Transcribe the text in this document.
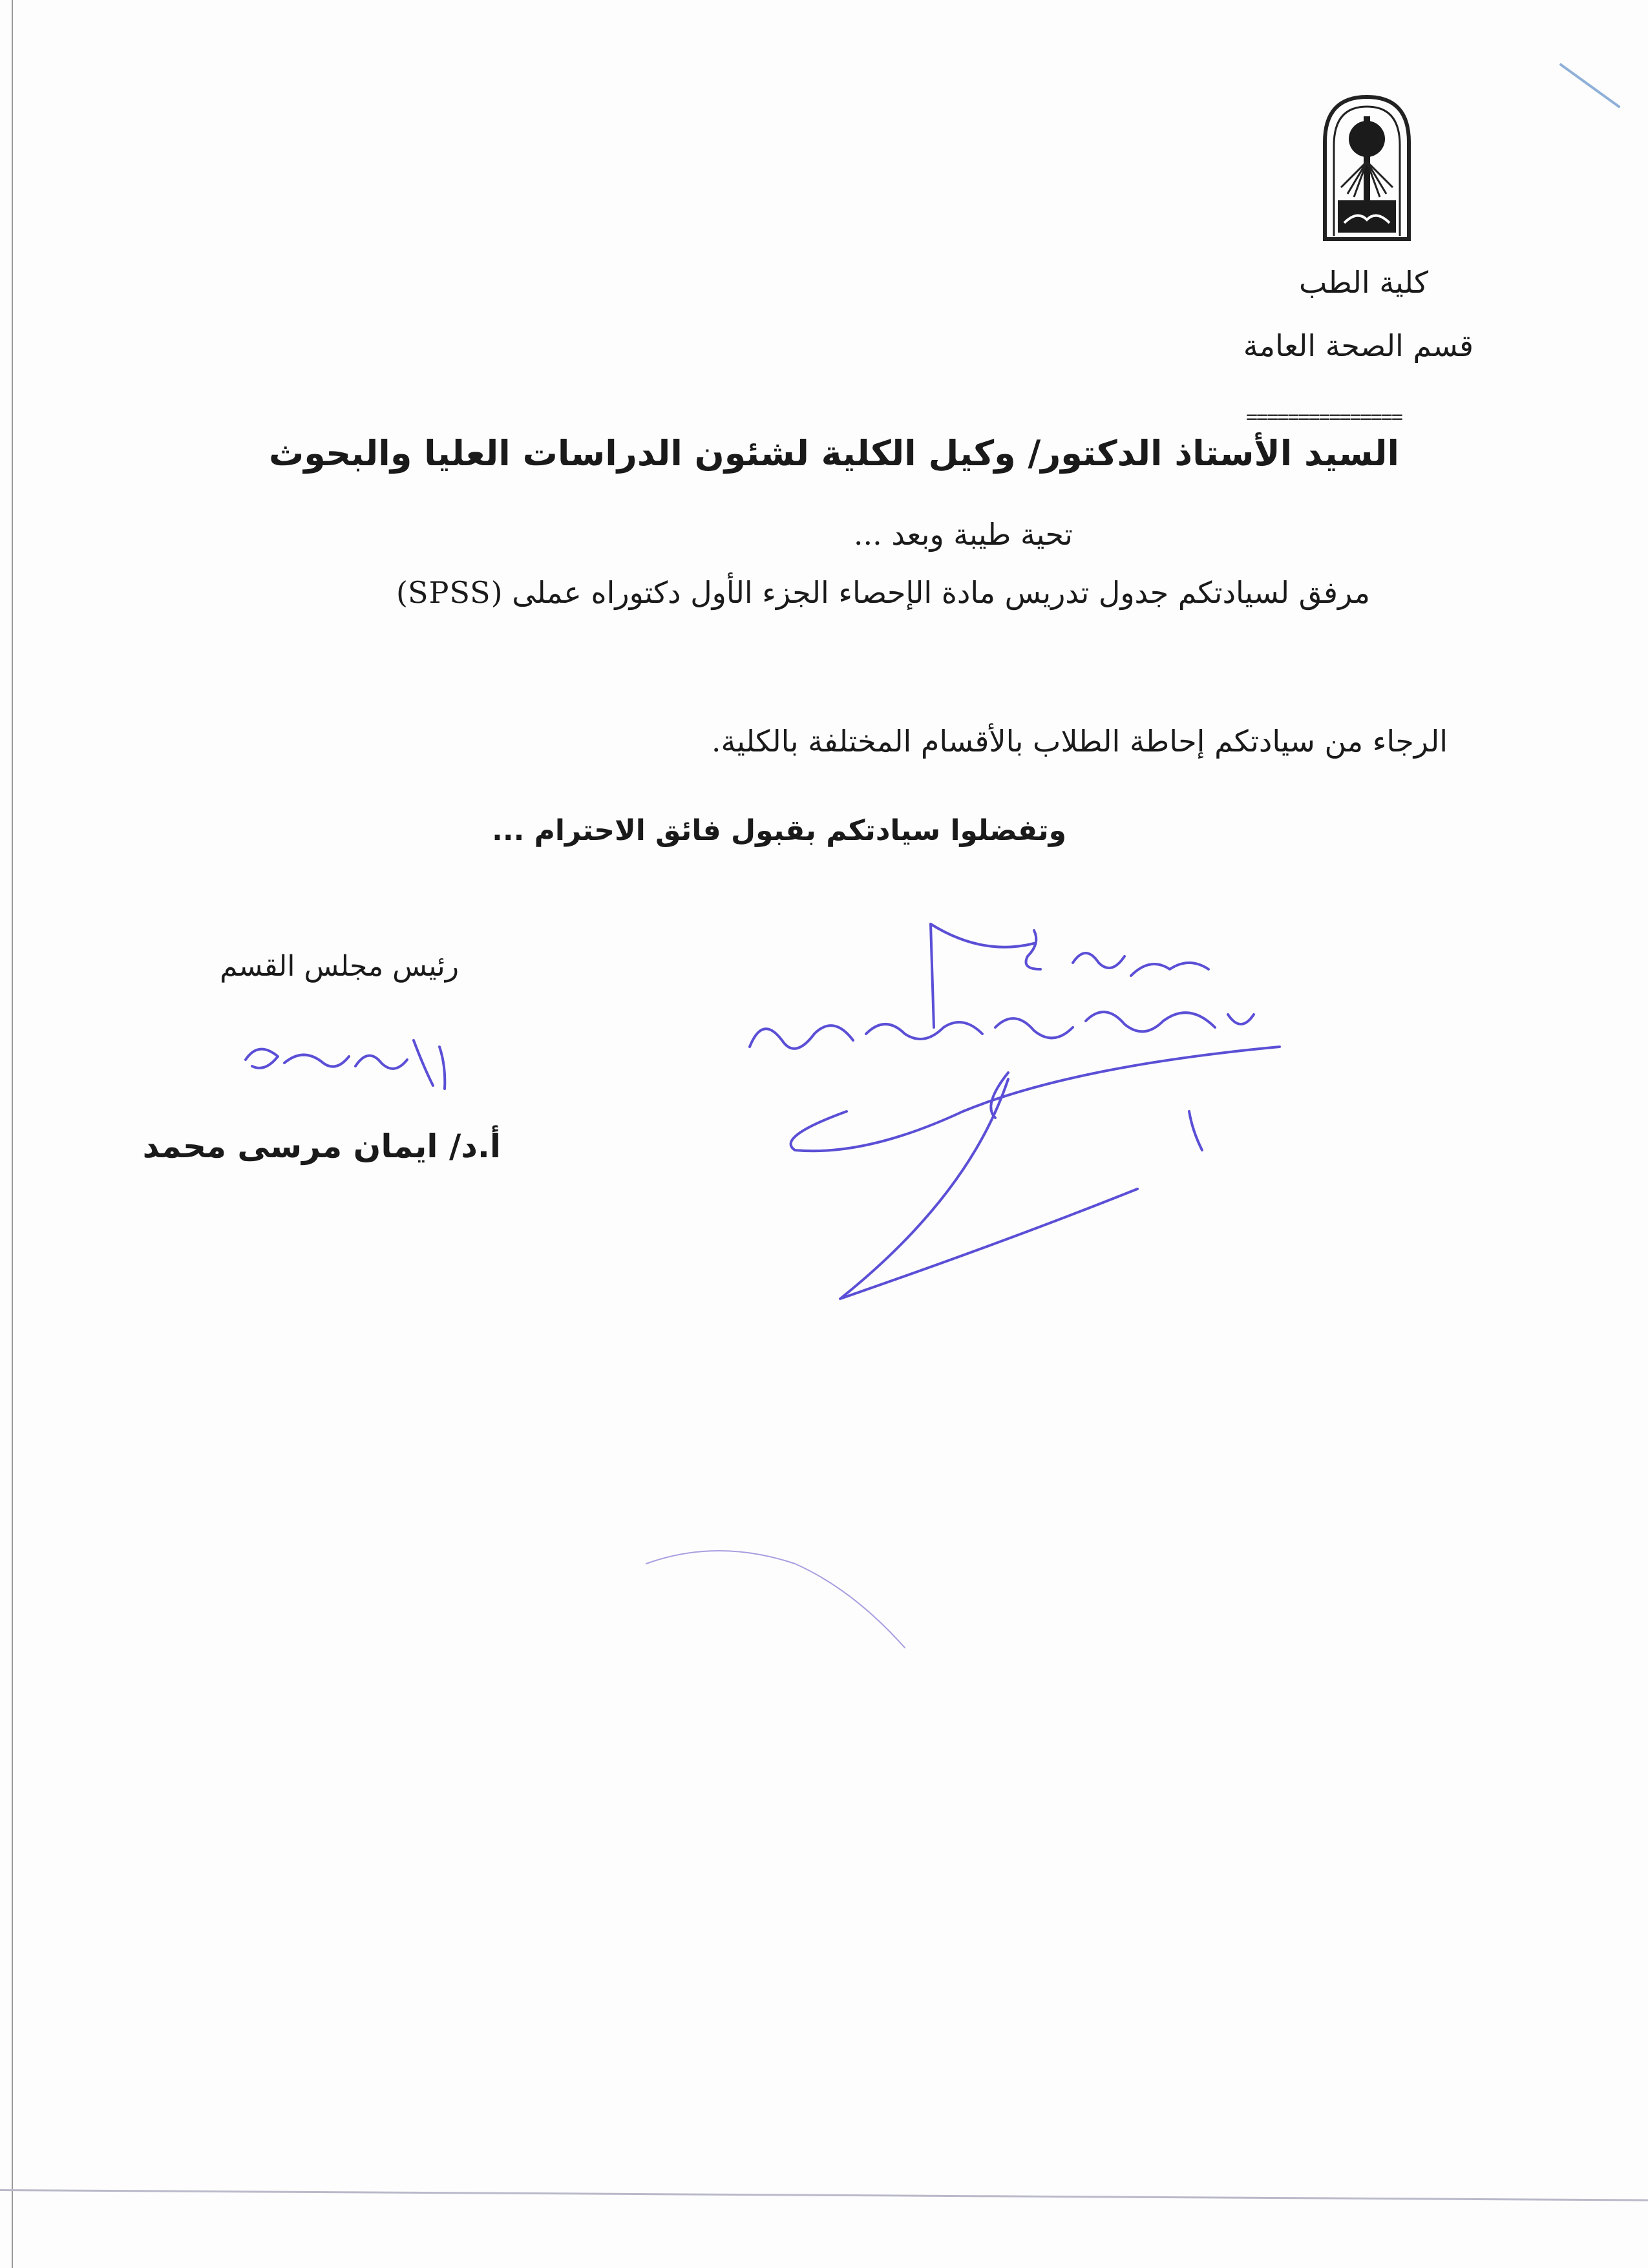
كلية الطب
قسم الصحة العامة
===============
السيد الأستاذ الدكتور/ وكيل الكلية لشئون الدراسات العليا والبحوث
تحية طيبة وبعد ...
مرفق لسيادتكم جدول تدريس مادة الإحصاء الجزء الأول دكتوراه عملى (SPSS)
الرجاء من سيادتكم إحاطة الطلاب بالأقسام المختلفة بالكلية.
وتفضلوا سيادتكم بقبول فائق الاحترام ...
رئيس مجلس القسم
أ.د/ ايمان مرسى محمد
